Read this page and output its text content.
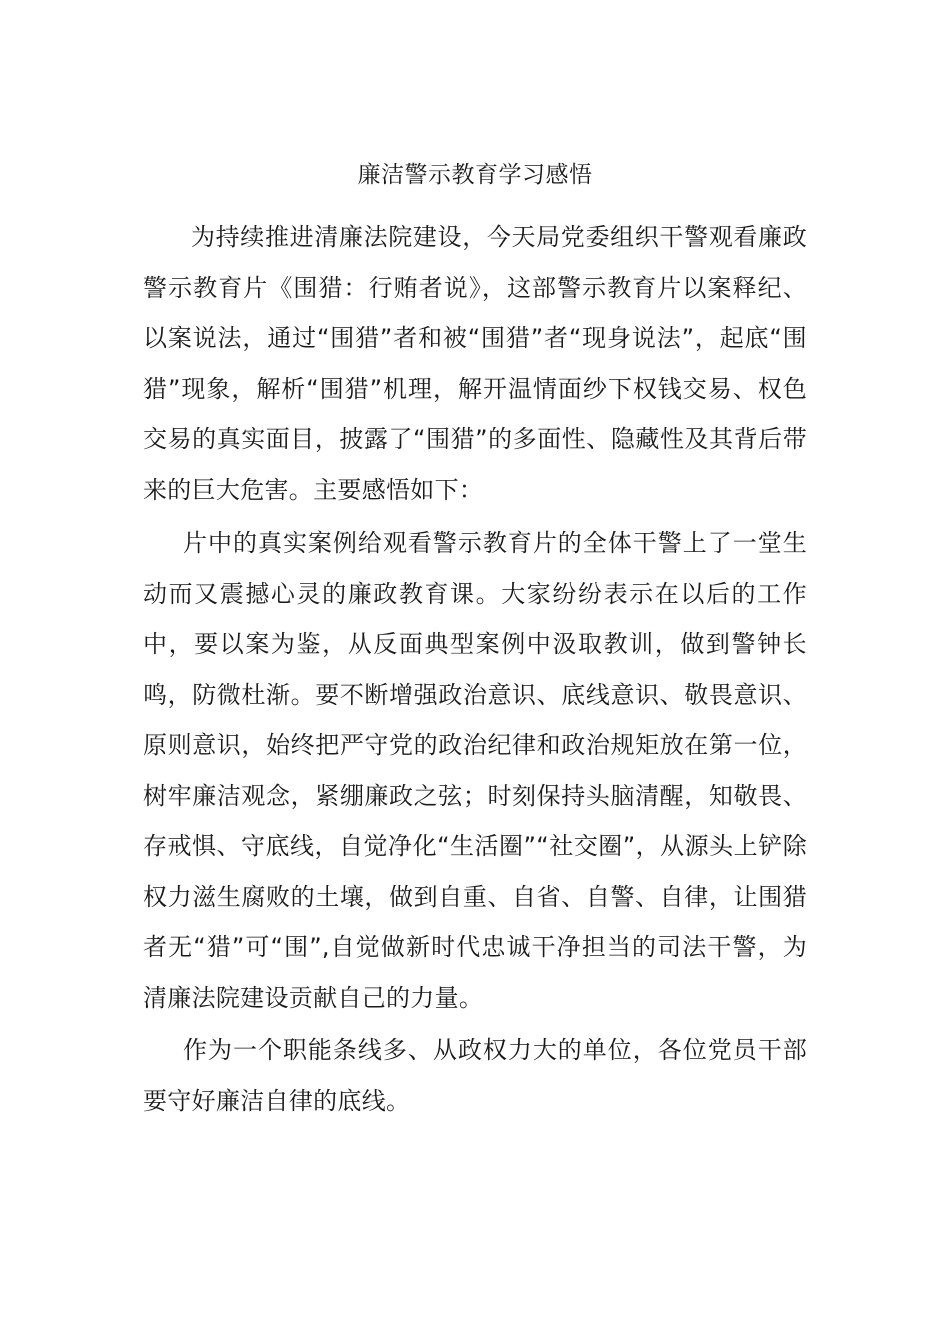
廉洁警示教育学习感悟

为持续推进清廉法院建设，今天局党委组织干警观看廉政警示教育片《围猎：行贿者说》，这部警示教育片以案释纪、以案说法，通过“围猎”者和被“围猎”者“现身说法”，起底“围猎”现象，解析“围猎”机理，解开温情面纱下权钱交易、权色交易的真实面目，披露了“围猎”的多面性、隐藏性及其背后带来的巨大危害。主要感悟如下：

片中的真实案例给观看警示教育片的全体干警上了一堂生动而又震撼心灵的廉政教育课。大家纷纷表示在以后的工作中，要以案为鉴，从反面典型案例中汲取教训，做到警钟长鸣，防微杜渐。要不断增强政治意识、底线意识、敬畏意识、原则意识，始终把严守党的政治纪律和政治规矩放在第一位，树牢廉洁观念，紧绷廉政之弦；时刻保持头脑清醒，知敬畏、存戒惧、守底线，自觉净化“生活圈”“社交圈”，从源头上铲除权力滋生腐败的土壤，做到自重、自省、自警、自律，让围猎者无“猎”可“围”,自觉做新时代忠诚干净担当的司法干警，为清廉法院建设贡献自己的力量。

作为一个职能条线多、从政权力大的单位，各位党员干部要守好廉洁自律的底线。
